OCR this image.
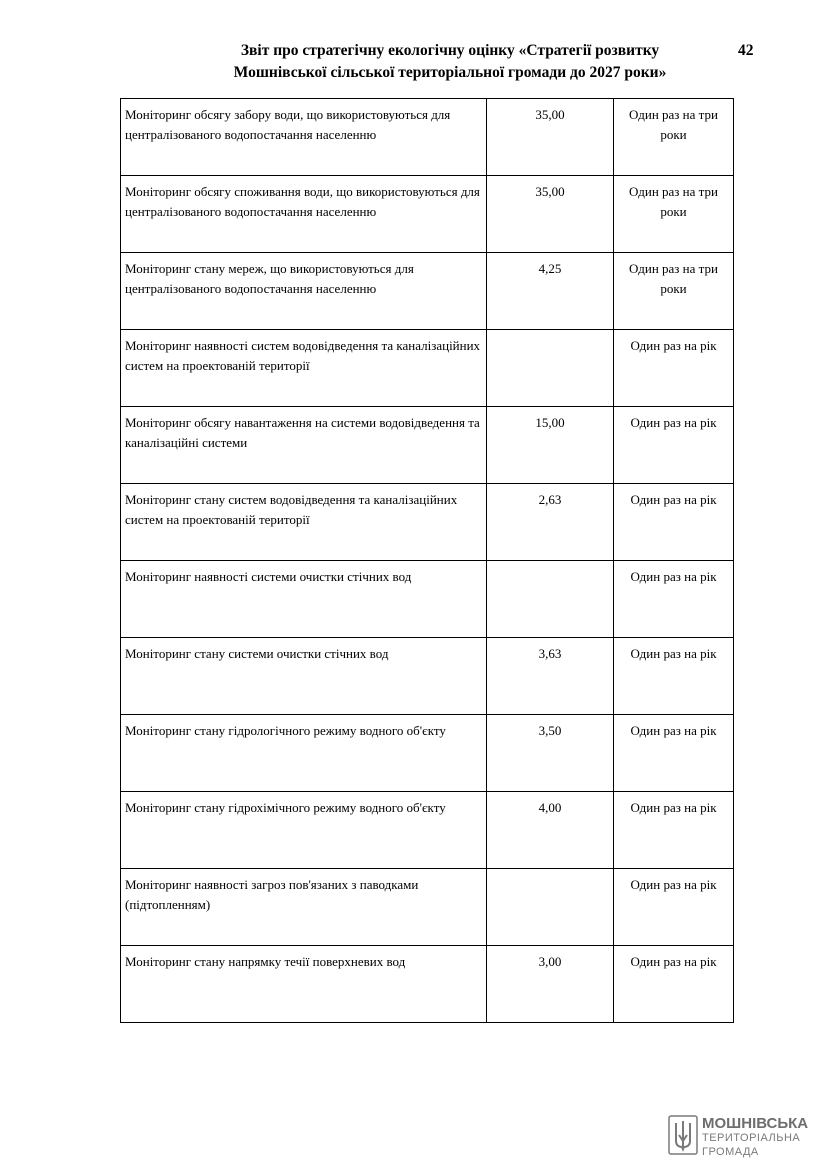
Звіт про стратегічну екологічну оцінку «Стратегії розвитку
Мошнівської сільської територіальної громади до 2027 роки»
42
Моніторинг обсягу забору води, що використовуються для централізованого водопостачання населенню	35,00	Один раз на три роки
Моніторинг обсягу споживання води, що використовуються для централізованого водопостачання населенню	35,00	Один раз на три роки
Моніторинг стану мереж, що використовуються для централізованого водопостачання населенню	4,25	Один раз на три роки
Моніторинг наявності систем водовідведення та каналізаційних систем на проектованій території		Один раз на рік
Моніторинг обсягу навантаження на системи водовідведення та каналізаційні системи	15,00	Один раз на рік
Моніторинг стану систем водовідведення та каналізаційних систем на проектованій території	2,63	Один раз на рік
Моніторинг наявності системи очистки стічних вод		Один раз на рік
Моніторинг стану системи очистки стічних вод	3,63	Один раз на рік
Моніторинг стану гідрологічного режиму водного об'єкту	3,50	Один раз на рік
Моніторинг стану гідрохімічного режиму водного об'єкту	4,00	Один раз на рік
Моніторинг наявності загроз пов'язаних з паводками (підтопленням)		Один раз на рік
Моніторинг стану напрямку течії поверхневих вод	3,00	Один раз на рік
МОШНІВСЬКА
ТЕРИТОРІАЛЬНА
ГРОМАДА
